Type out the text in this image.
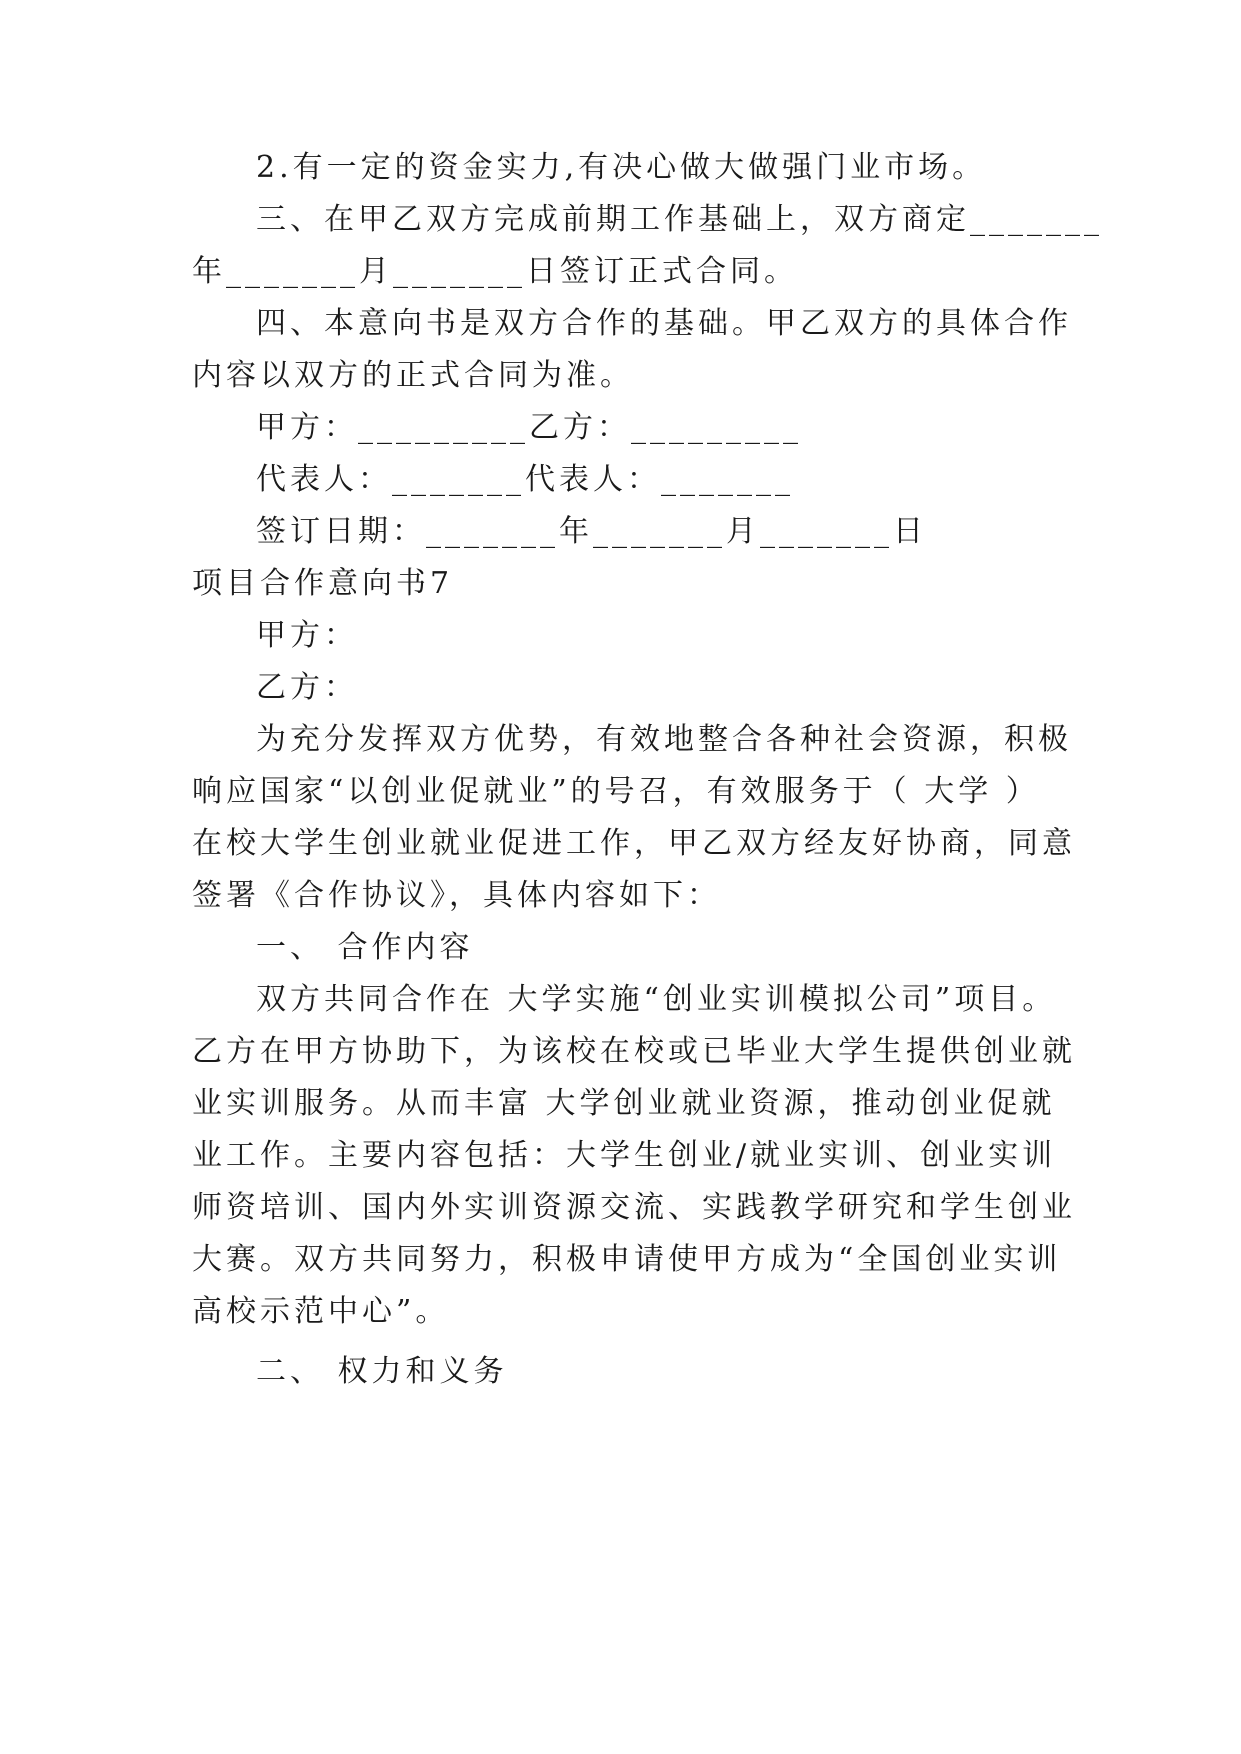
2.有一定的资金实力,有决心做大做强门业市场。
三、在甲乙双方完成前期工作基础上，双方商定_______
年_______月_______日签订正式合同。
四、本意向书是双方合作的基础。甲乙双方的具体合作
内容以双方的正式合同为准。
甲方：_________乙方：_________
代表人：_______代表人：_______
签订日期：_______年_______月_______日
项目合作意向书7
甲方：
乙方：
为充分发挥双方优势，有效地整合各种社会资源，积极
响应国家“以创业促就业”的号召，有效服务于（ 大学 ）
在校大学生创业就业促进工作，甲乙双方经友好协商，同意
签署《合作协议》，具体内容如下：
一、 合作内容
双方共同合作在 大学实施“创业实训模拟公司”项目。
乙方在甲方协助下，为该校在校或已毕业大学生提供创业就
业实训服务。从而丰富 大学创业就业资源，推动创业促就
业工作。主要内容包括：大学生创业/就业实训、创业实训
师资培训、国内外实训资源交流、实践教学研究和学生创业
大赛。双方共同努力，积极申请使甲方成为“全国创业实训
高校示范中心”。
二、 权力和义务
